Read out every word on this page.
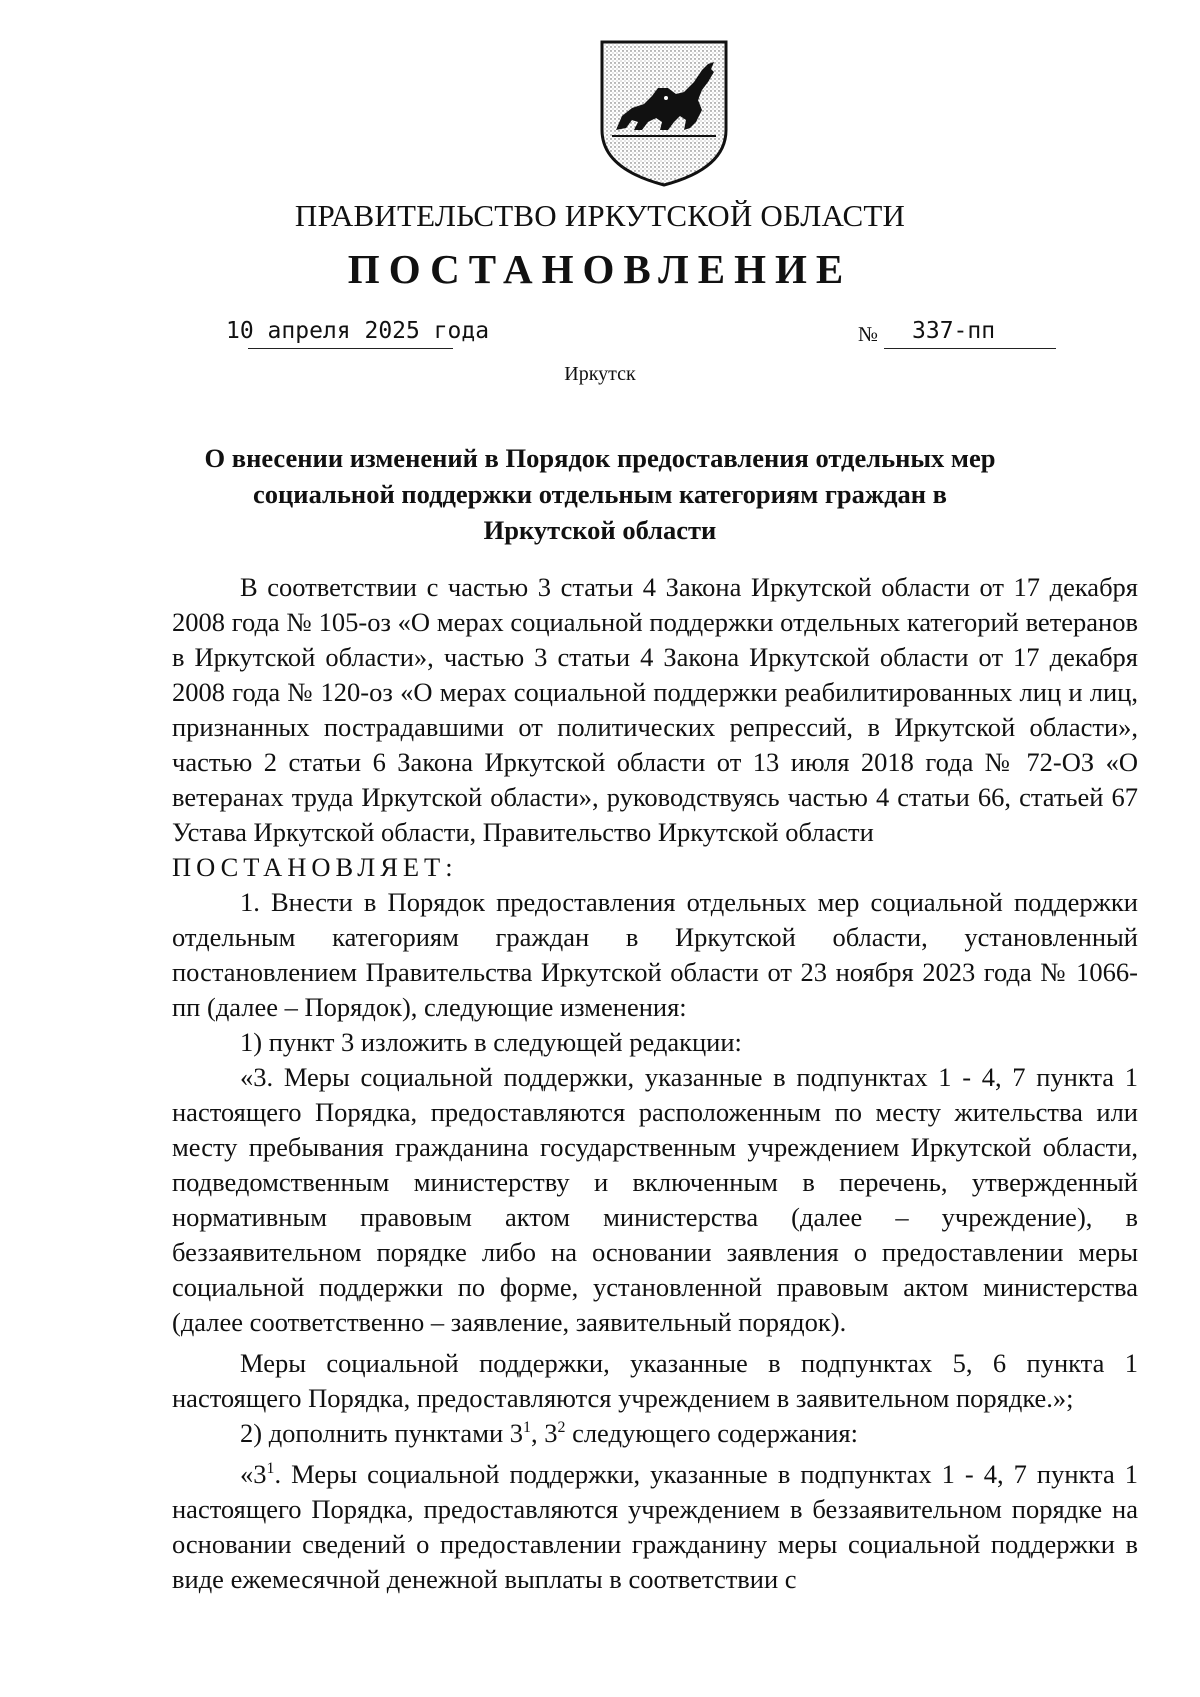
ПРАВИТЕЛЬСТВО ИРКУТСКОЙ ОБЛАСТИ
ПОСТАНОВЛЕНИЕ
10 апреля 2025 года	№ 337-пп
Иркутск
О внесении изменений в Порядок предоставления отдельных мер
социальной поддержки отдельным категориям граждан в
Иркутской области

В соответствии с частью 3 статьи 4 Закона Иркутской области от 17 декабря 2008 года № 105-оз «О мерах социальной поддержки отдельных категорий ветеранов в Иркутской области», частью 3 статьи 4 Закона Иркутской области от 17 декабря 2008 года № 120-оз «О мерах социальной поддержки реабилитированных лиц и лиц, признанных пострадавшими от политических репрессий, в Иркутской области», частью 2 статьи 6 Закона Иркутской области от 13 июля 2018 года № 72-ОЗ «О ветеранах труда Иркутской области», руководствуясь частью 4 статьи 66, статьей 67 Устава Иркутской области, Правительство Иркутской области

ПОСТАНОВЛЯЕТ:

1. Внести в Порядок предоставления отдельных мер социальной поддержки отдельным категориям граждан в Иркутской области, установленный постановлением Правительства Иркутской области от 23 ноября 2023 года № 1066-пп (далее – Порядок), следующие изменения:

1) пункт 3 изложить в следующей редакции:

«3. Меры социальной поддержки, указанные в подпунктах 1 - 4, 7 пункта 1 настоящего Порядка, предоставляются расположенным по месту жительства или месту пребывания гражданина государственным учреждением Иркутской области, подведомственным министерству и включенным в перечень, утвержденный нормативным правовым актом министерства (далее – учреждение), в беззаявительном порядке либо на основании заявления о предоставлении меры социальной поддержки по форме, установленной правовым актом министерства (далее соответственно – заявление, заявительный порядок).

Меры социальной поддержки, указанные в подпунктах 5, 6 пункта 1 настоящего Порядка, предоставляются учреждением в заявительном порядке.»;

2) дополнить пунктами $3^1$, $3^2$ следующего содержания:

«$3^1$. Меры социальной поддержки, указанные в подпунктах 1 - 4, 7 пункта 1 настоящего Порядка, предоставляются учреждением в беззаявительном порядке на основании сведений о предоставлении гражданину меры социальной поддержки в виде ежемесячной денежной выплаты в соответствии с
